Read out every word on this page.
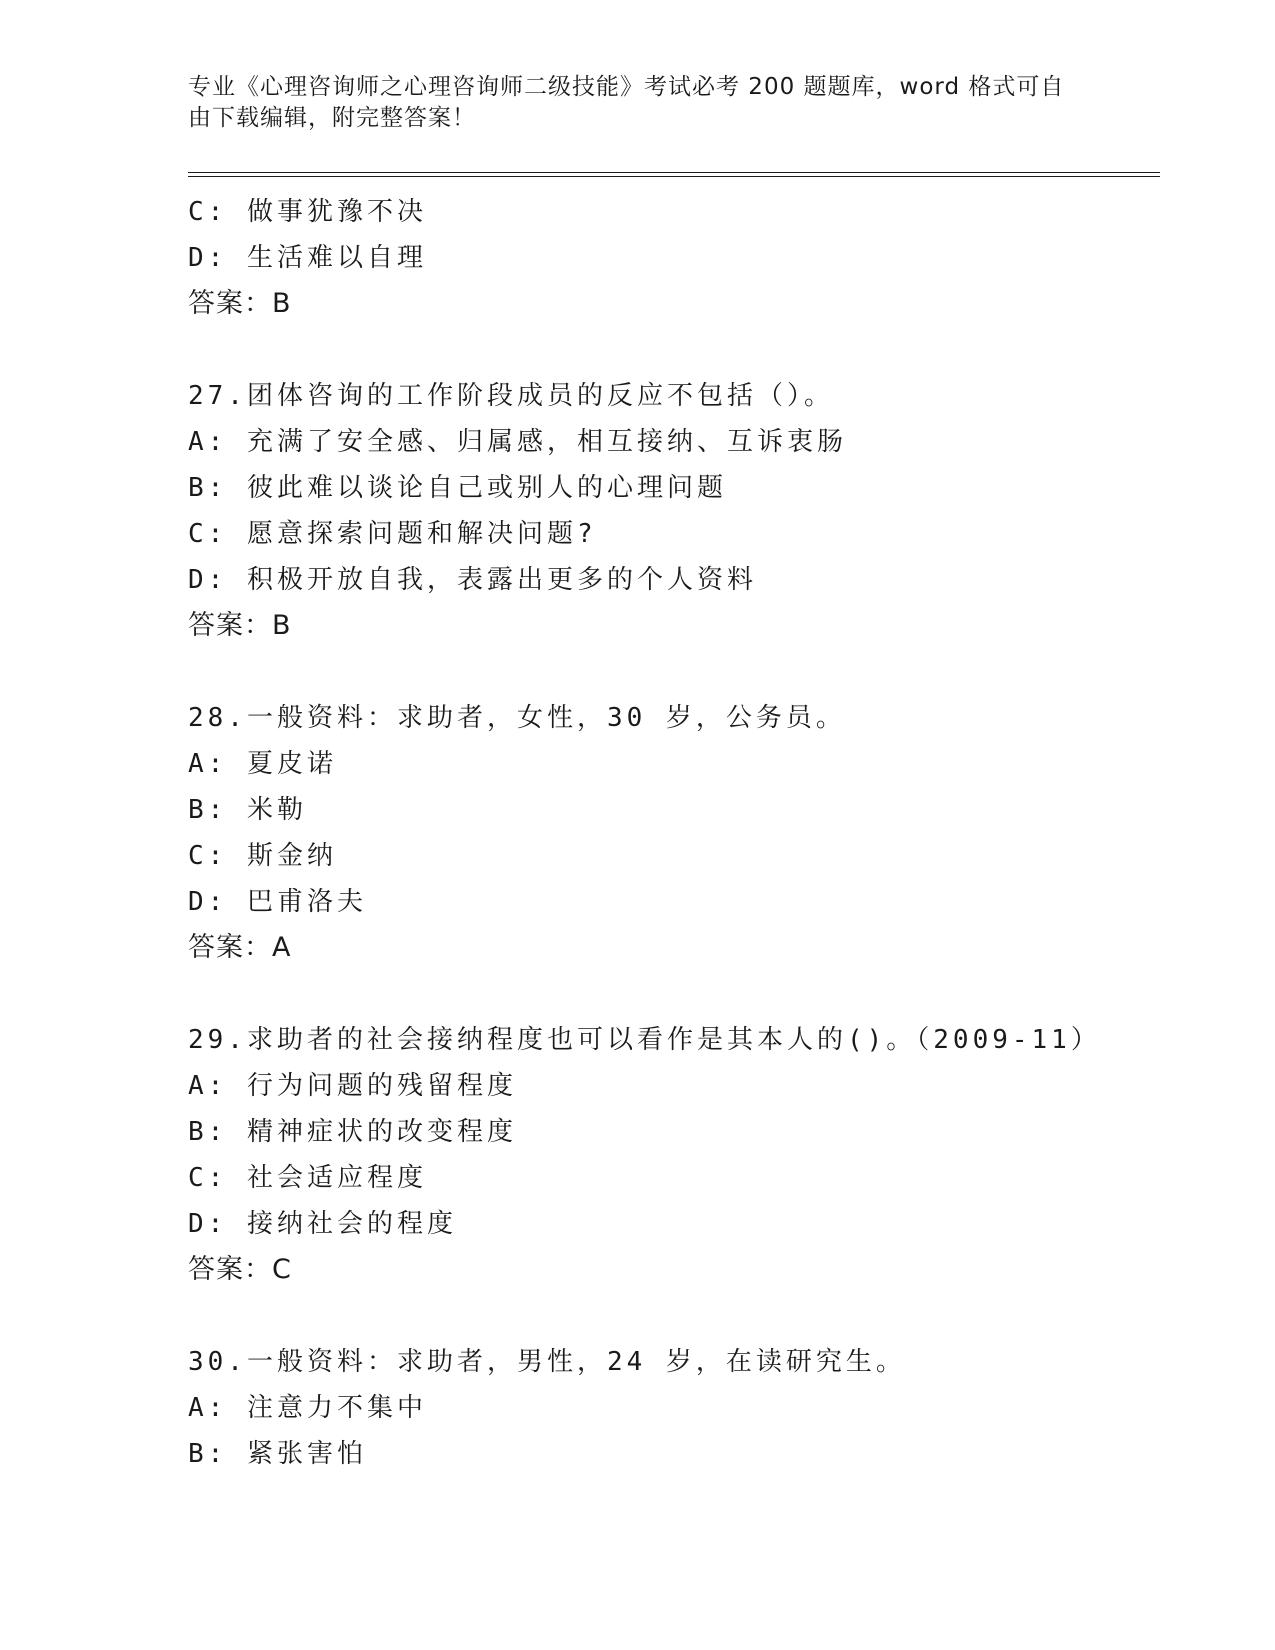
专业《心理咨询师之心理咨询师二级技能》考试必考 200 题题库，word 格式可自
由下载编辑，附完整答案！
C: 做事犹豫不决
D: 生活难以自理
答案：B
27.团体咨询的工作阶段成员的反应不包括（）。
A: 充满了安全感、归属感，相互接纳、互诉衷肠
B: 彼此难以谈论自己或别人的心理问题
C: 愿意探索问题和解决问题?
D: 积极开放自我，表露出更多的个人资料
答案：B
28.一般资料：求助者，女性，30 岁，公务员。
A: 夏皮诺
B: 米勒
C: 斯金纳
D: 巴甫洛夫
答案：A
29.求助者的社会接纳程度也可以看作是其本人的()。（2009-11）
A: 行为问题的残留程度
B: 精神症状的改变程度
C: 社会适应程度
D: 接纳社会的程度
答案：C
30.一般资料：求助者，男性，24 岁，在读研究生。
A: 注意力不集中
B: 紧张害怕
